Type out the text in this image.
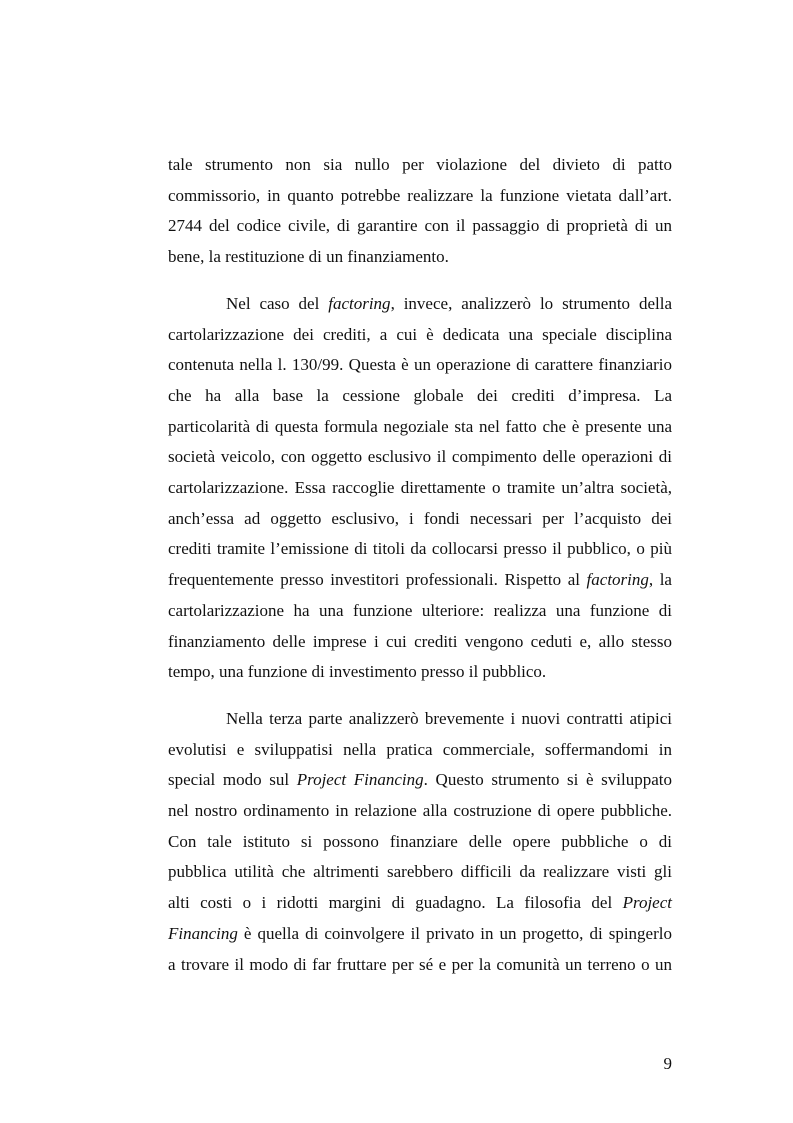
tale strumento non sia nullo per violazione del divieto di patto
commissorio, in quanto potrebbe realizzare la funzione vietata dall’art.
2744 del codice civile, di garantire con il passaggio di proprietà di un
bene, la restituzione di un finanziamento.

Nel caso del factoring, invece, analizzerò lo strumento della
cartolarizzazione dei crediti, a cui è dedicata una speciale disciplina
contenuta nella l. 130/99. Questa è un operazione di carattere finanziario
che ha alla base la cessione globale dei crediti d’impresa. La
particolarità di questa formula negoziale sta nel fatto che è presente una
società veicolo, con oggetto esclusivo il compimento delle operazioni di
cartolarizzazione. Essa raccoglie direttamente o tramite un’altra società,
anch’essa ad oggetto esclusivo, i fondi necessari per l’acquisto dei
crediti tramite l’emissione di titoli da collocarsi presso il pubblico, o più
frequentemente presso investitori professionali. Rispetto al factoring, la
cartolarizzazione ha una funzione ulteriore: realizza una funzione di
finanziamento delle imprese i cui crediti vengono ceduti e, allo stesso
tempo, una funzione di investimento presso il pubblico.

Nella terza parte analizzerò brevemente i nuovi contratti atipici
evolutisi e sviluppatisi nella pratica commerciale, soffermandomi in
special modo sul Project Financing. Questo strumento si è sviluppato
nel nostro ordinamento in relazione alla costruzione di opere pubbliche.
Con tale istituto si possono finanziare delle opere pubbliche o di
pubblica utilità che altrimenti sarebbero difficili da realizzare visti gli
alti costi o i ridotti margini di guadagno. La filosofia del Project
Financing è quella di coinvolgere il privato in un progetto, di spingerlo
a trovare il modo di far fruttare per sé e per la comunità un terreno o un

9
